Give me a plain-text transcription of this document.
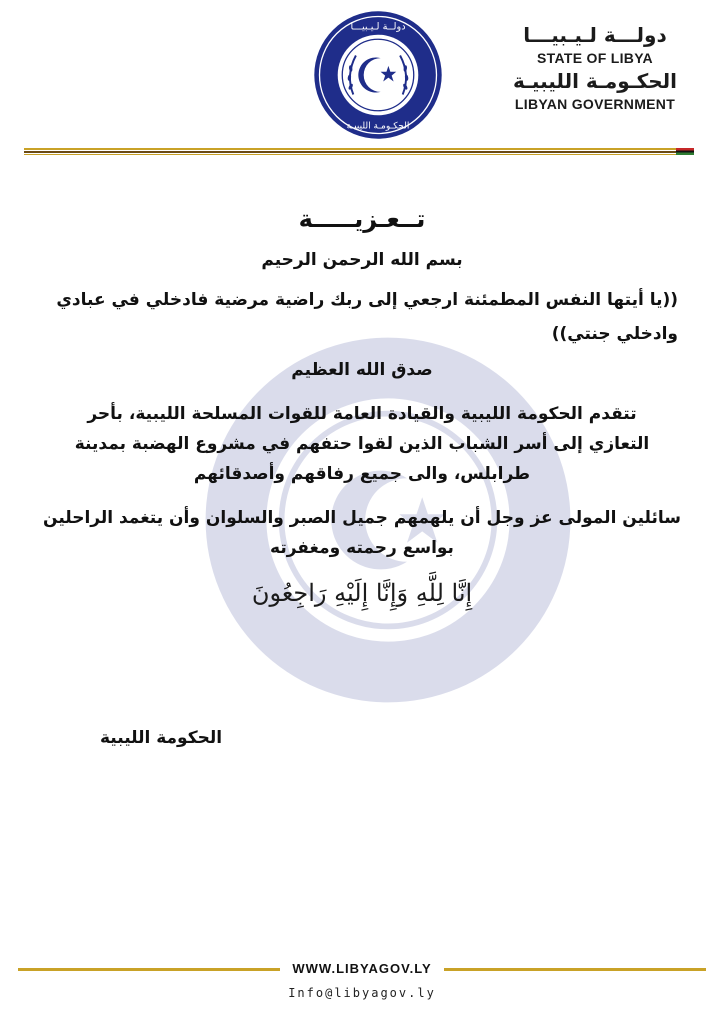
دولــة لـيـبيـــا
الحكـومـة الليبيـة
دولـــة لـيـبيـــا
STATE OF LIBYA
الحكـومـة الليبيـة
LIBYAN GOVERNMENT
تــعـزيـــــة

بسم الله الرحمن الرحيم

((يا أيتها النفس المطمئنة ارجعي إلى ربك راضية مرضية فادخلي في عبادي
وادخلي جنتي))

صدق الله العظيم

تتقدم الحكومة الليبية والقيادة العامة للقوات المسلحة الليبية، بأحر

التعازي إلى أسر الشباب الذين لقوا حتفهم في مشروع الهضبة بمدينة

طرابلس، والى جميع رفاقهم وأصدقائهم

سائلين المولى عز وجل أن يلهمهم جميل الصبر والسلوان وأن يتغمد الراحلين

بواسع رحمته ومغفرته

إِنَّا لِلَّهِ وَإِنَّا إِلَيْهِ رَاجِعُونَ
الحكومة الليبية
WWW.LIBYAGOV.LY
Info@libyagov.ly
